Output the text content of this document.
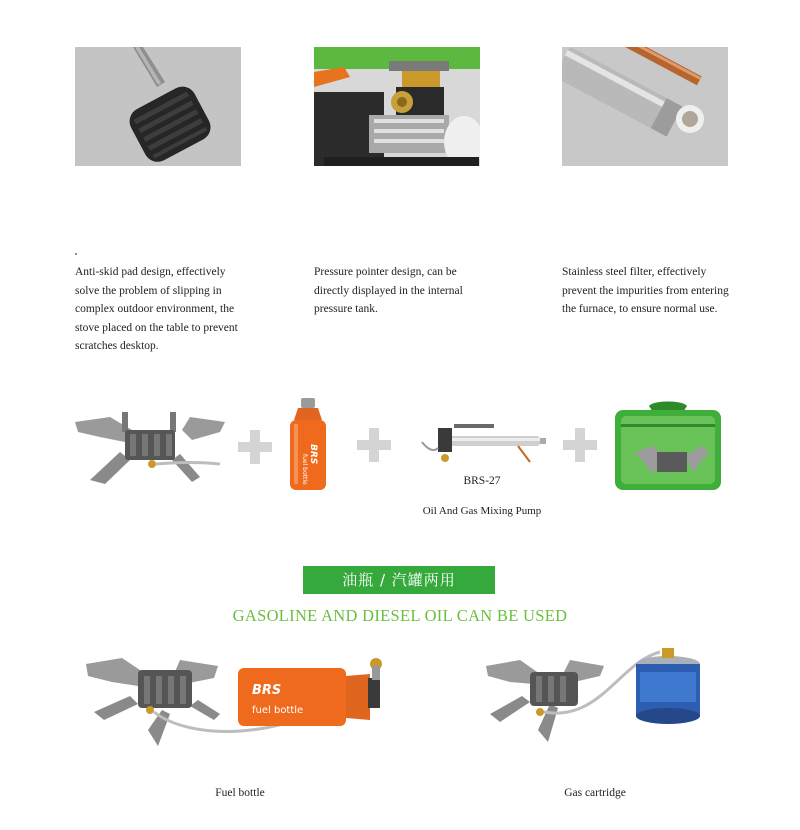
Anti-skid pad design, effectively solve the problem of slipping in complex outdoor environment, the stove placed on the table to prevent scratches desktop.
Pressure pointer design, can be directly displayed in the internal pressure tank.
Stainless steel filter, effectively prevent the impurities from entering the furnace, to ensure normal use.
BRS
fuel bottle	BRS-27
Oil And Gas Mixing Pump
油瓶 / 汽罐两用
GASOLINE AND DIESEL OIL CAN BE USED
BRS
fuel bottle
Fuel bottle	Gas cartridge
